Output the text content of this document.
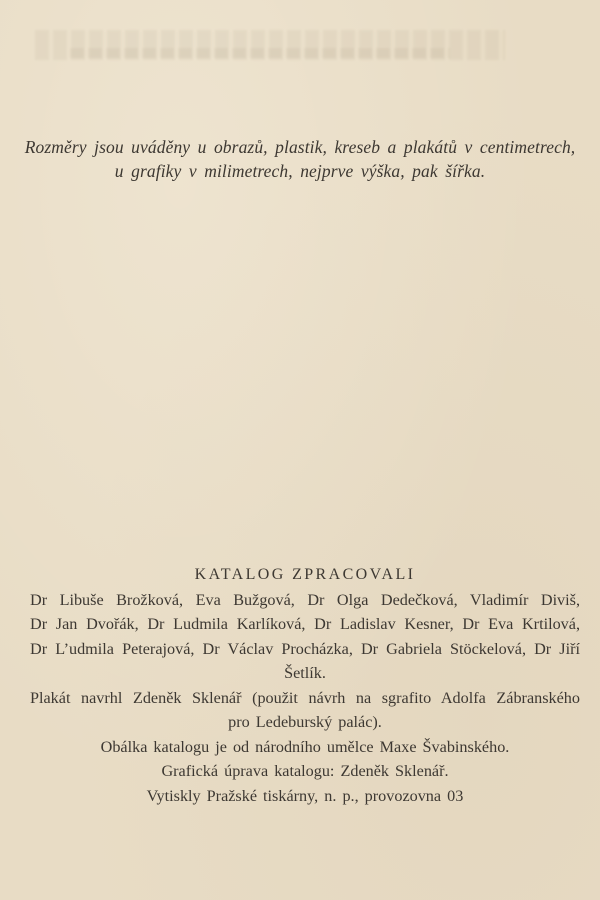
Rozměry jsou uváděny u obrazů, plastik, kreseb a plakátů v centimetrech,
u grafiky v milimetrech, nejprve výška, pak šířka.
KATALOG ZPRACOVALI
Dr Libuše Brožková, Eva Bužgová, Dr Olga Dedečková, Vladimír Diviš,
Dr Jan Dvořák, Dr Ludmila Karlíková, Dr Ladislav Kesner, Dr Eva Krtilová,
Dr L’udmila Peterajová, Dr Václav Procházka, Dr Gabriela Stöckelová, Dr Jiří
Šetlík.
Plakát navrhl Zdeněk Sklenář (použit návrh na sgrafito Adolfa Zábranského
pro Ledeburský palác).
Obálka katalogu je od národního umělce Maxe Švabinského.
Grafická úprava katalogu: Zdeněk Sklenář.
Vytiskly Pražské tiskárny, n. p., provozovna 03
